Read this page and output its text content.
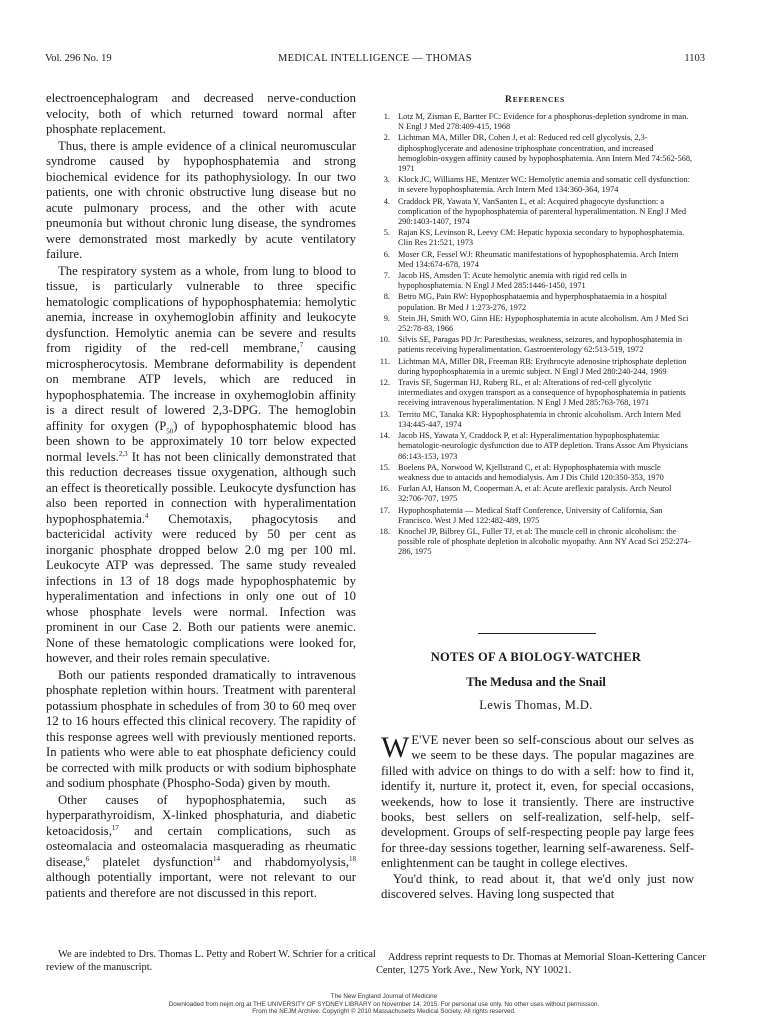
Vol. 296 No. 19	MEDICAL INTELLIGENCE — THOMAS	1103

electroencephalogram and decreased nerve-conduction velocity, both of which returned toward normal after phosphate replacement.

Thus, there is ample evidence of a clinical neuromuscular syndrome caused by hypophosphatemia and strong biochemical evidence for its pathophysiology. In our two patients, one with chronic obstructive lung disease but no acute pulmonary process, and the other with acute pneumonia but without chronic lung disease, the syndromes were demonstrated most markedly by acute ventilatory failure.

The respiratory system as a whole, from lung to blood to tissue, is particularly vulnerable to three specific hematologic complications of hypophosphatemia: hemolytic anemia, increase in oxyhemoglobin affinity and leukocyte dysfunction. Hemolytic anemia can be severe and results from rigidity of the red-cell membrane,$^7$ causing microspherocytosis. Membrane deformability is dependent on membrane ATP levels, which are reduced in hypophosphatemia. The increase in oxyhemoglobin affinity is a direct result of lowered 2,3-DPG. The hemoglobin affinity for oxygen $(P_{50})$ of hypophosphatemic blood has been shown to be approximately 10 torr below expected normal levels.$^{2,3}$ It has not been clinically demonstrated that this reduction decreases tissue oxygenation, although such an effect is theoretically possible. Leukocyte dysfunction has also been reported in connection with hyperalimentation hypophosphatemia.$^4$ Chemotaxis, phagocytosis and bactericidal activity were reduced by 50 per cent as inorganic phosphate dropped below 2.0 mg per 100 ml. Leukocyte ATP was depressed. The same study revealed infections in 13 of 18 dogs made hypophosphatemic by hyperalimentation and infections in only one out of 10 whose phosphate levels were normal. Infection was prominent in our Case 2. Both our patients were anemic. None of these hematologic complications were looked for, however, and their roles remain speculative.

Both our patients responded dramatically to intravenous phosphate repletion within hours. Treatment with parenteral potassium phosphate in schedules of from 30 to 60 meq over 12 to 16 hours effected this clinical recovery. The rapidity of this response agrees well with previously mentioned reports. In patients who were able to eat phosphate deficiency could be corrected with milk products or with sodium biphosphate and sodium phosphate (Phospho-Soda) given by mouth.

Other causes of hypophosphatemia, such as hyperparathyroidism, X-linked phosphaturia, and diabetic ketoacidosis,$^{17}$ and certain complications, such as osteomalacia and osteomalacia masquerading as rheumatic disease,$^6$ platelet dysfunction$^{14}$ and rhabdomyolysis,$^{18}$ although potentially important, were not relevant to our patients and therefore are not discussed in this report.

We are indebted to Drs. Thomas L. Petty and Robert W. Schrier for a critical review of the manuscript.

REFERENCES
1. Lotz M, Zisman E, Bartter FC: Evidence for a phosphorus-depletion syndrome in man. N Engl J Med 278:409-415, 1968
2. Lichtman MA, Miller DR, Cohen J, et al: Reduced red cell glycolysis, 2,3-diphosphoglycerate and adenosine triphosphate concentration, and increased hemoglobin-oxygen affinity caused by hypophosphatemia. Ann Intern Med 74:562-568, 1971
3. Klock JC, Williams HE, Mentzer WC: Hemolytic anemia and somatic cell dysfunction: in severe hypophosphatemia. Arch Intern Med 134:360-364, 1974
4. Craddock PR, Yawata Y, VanSanten L, et al: Acquired phagocyte dysfunction: a complication of the hypophosphatemia of parenteral hyperalimentation. N Engl J Med 290:1403-1407, 1974
5. Rajan KS, Levinson R, Leevy CM: Hepatic hypoxia secondary to hypophosphatemia. Clin Res 21:521, 1973
6. Moser CR, Fessel WJ: Rheumatic manifestations of hypophosphatemia. Arch Intern Med 134:674-678, 1974
7. Jacob HS, Amsden T: Acute hemolytic anemia with rigid red cells in hypophosphatemia. N Engl J Med 285:1446-1450, 1971
8. Betro MG, Pain RW: Hypophosphataemia and hyperphosphataemia in a hospital population. Br Med J 1:273-276, 1972
9. Stein JH, Smith WO, Ginn HE: Hypophosphatemia in acute alcoholism. Am J Med Sci 252:78-83, 1966
10. Silvis SE, Paragas PD Jr: Paresthesias, weakness, seizures, and hypophosphatemia in patients receiving hyperalimentation. Gastroenterology 62:513-519, 1972
11. Lichtman MA, Miller DR, Freeman RB: Erythrocyte adenosine triphosphate depletion during hypophosphatemia in a uremic subject. N Engl J Med 280:240-244, 1969
12. Travis SF, Sugerman HJ, Ruberg RL, et al: Alterations of red-cell glycolytic intermediates and oxygen transport as a consequence of hypophosphatemia in patients receiving intravenous hyperalimentation. N Engl J Med 285:763-768, 1971
13. Territo MC, Tanaka KR: Hypophosphatemia in chronic alcoholism. Arch Intern Med 134:445-447, 1974
14. Jacob HS, Yawata Y, Craddock P, et al: Hyperalimentation hypophosphatemia: hematologic-neurologic dysfunction due to ATP depletion. Trans Assoc Am Physicians 86:143-153, 1973
15. Boelens PA, Norwood W, Kjellstrand C, et al: Hypophosphatemia with muscle weakness due to antacids and hemodialysis. Am J Dis Child 120:350-353, 1970
16. Furlan AJ, Hanson M, Cooperman A, et al: Acute areflexic paralysis. Arch Neurol 32:706-707, 1975
17. Hypophosphatemia — Medical Staff Conference, University of California, San Francisco. West J Med 122:482-489, 1975
18. Knochel JP, Bilbrey GL, Fuller TJ, et al: The muscle cell in chronic alcoholism: the possible role of phosphate depletion in alcoholic myopathy. Ann NY Acad Sci 252:274-286, 1975
NOTES OF A BIOLOGY-WATCHER
The Medusa and the Snail
Lewis Thomas, M.D.

W E'VE never been so self-conscious about our selves as we seem to be these days. The popular magazines are filled with advice on things to do with a self: how to find it, identify it, nurture it, protect it, even, for special occasions, weekends, how to lose it transiently. There are instructive books, best sellers on self-realization, self-help, self-development. Groups of self-respecting people pay large fees for three-day sessions together, learning self-awareness. Self-enlightenment can be taught in college electives.

You'd think, to read about it, that we'd only just now discovered selves. Having long suspected that

Address reprint requests to Dr. Thomas at Memorial Sloan-Kettering Cancer Center, 1275 York Ave., New York, NY 10021.

The New England Journal of Medicine
Downloaded from nejm.org at THE UNIVERSITY OF SYDNEY LIBRARY on November 14, 2015. For personal use only. No other uses without permission.
From the NEJM Archive. Copyright © 2010 Massachusetts Medical Society. All rights reserved.
